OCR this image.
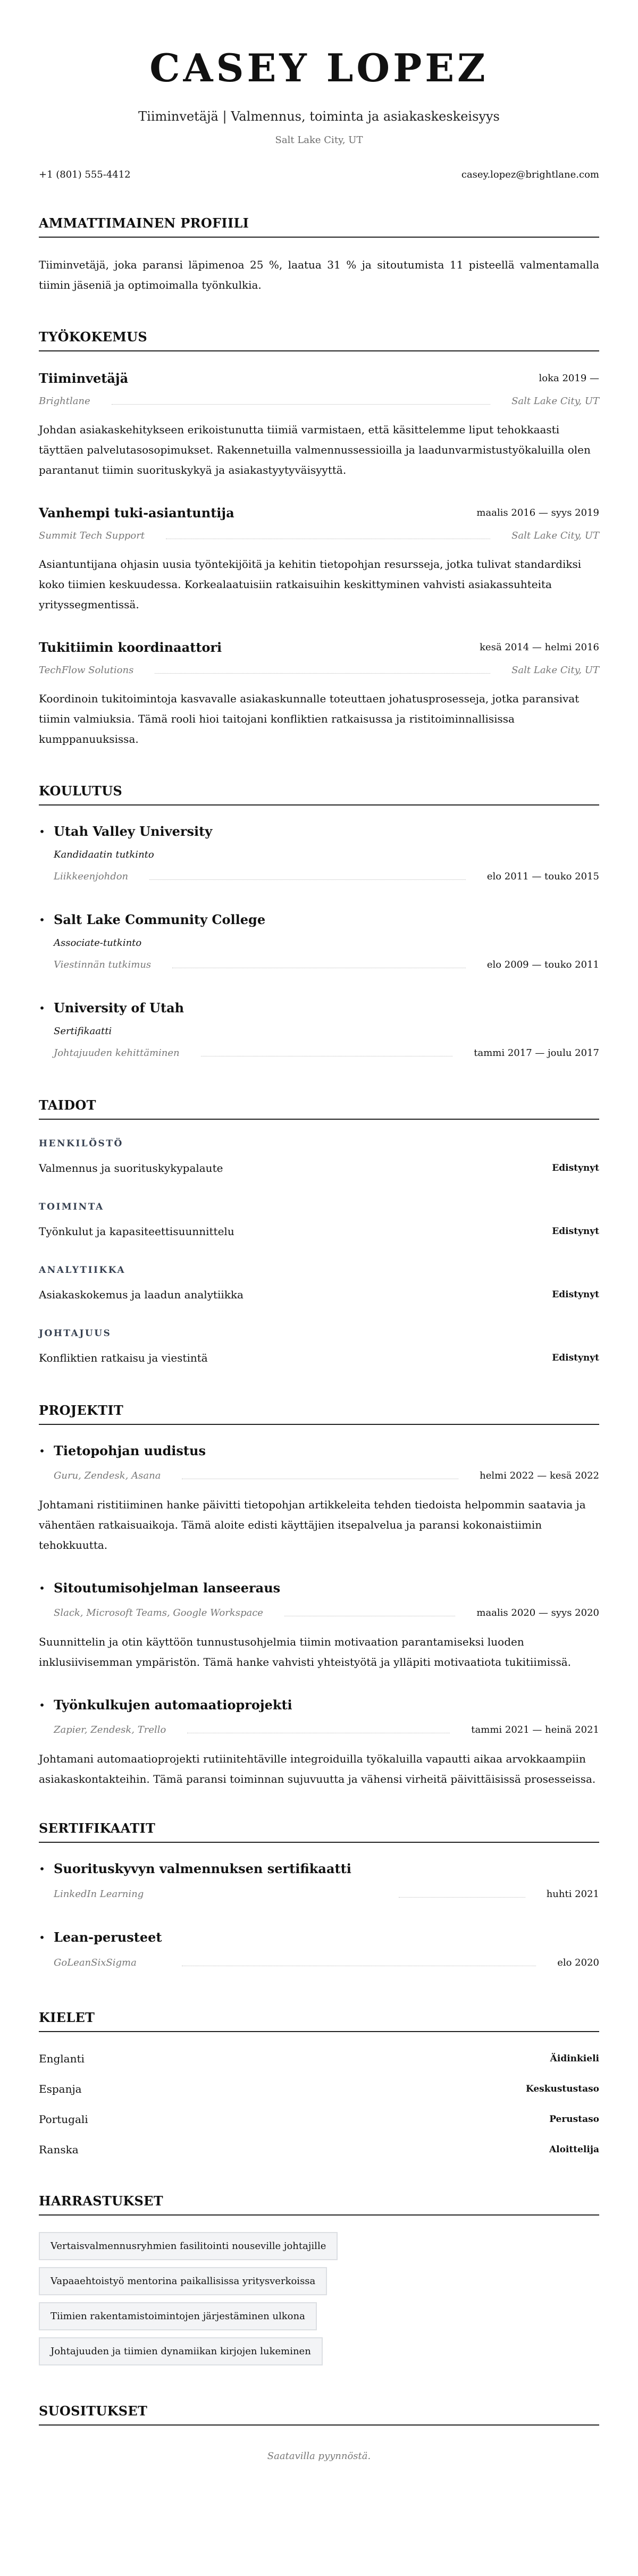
CASEY LOPEZ
Tiiminvetäjä | Valmennus, toiminta ja asiakaskeskeisyys
Salt Lake City, UT
+1 (801) 555-4412	casey.lopez@brightlane.com
AMMATTIMAINEN PROFIILI

Tiiminvetäjä, joka paransi läpimenoa 25 %, laatua 31 % ja sitoutumista 11 pisteellä valmentamalla tiimin jäseniä ja optimoimalla työnkulkia.

TYÖKOKEMUS
Tiiminvetäjä	loka 2019 —
Brightlane	Salt Lake City, UT

Johdan asiakaskehitykseen erikoistunutta tiimiä varmistaen, että käsittelemme liput tehokkaasti täyttäen palvelutasosopimukset. Rakennetuilla valmennussessioilla ja laadunvarmistustyökaluilla olen parantanut tiimin suorituskykyä ja asiakastyytyväisyyttä.

Vanhempi tuki-asiantuntija	maalis 2016 — syys 2019
Summit Tech Support	Salt Lake City, UT

Asiantuntijana ohjasin uusia työntekijöitä ja kehitin tietopohjan resursseja, jotka tulivat standardiksi koko tiimien keskuudessa. Korkealaatuisiin ratkaisuihin keskittyminen vahvisti asiakassuhteita yrityssegmentissä.

Tukitiimin koordinaattori	kesä 2014 — helmi 2016
TechFlow Solutions	Salt Lake City, UT

Koordinoin tukitoimintoja kasvavalle asiakaskunnalle toteuttaen johatusprosesseja, jotka paransivat tiimin valmiuksia. Tämä rooli hioi taitojani konfliktien ratkaisussa ja ristitoiminnallisissa kumppanuuksissa.

KOULUTUS
• Utah Valley University
Kandidaatin tutkinto
Liikkeenjohdon	elo 2011 — touko 2015
• Salt Lake Community College
Associate-tutkinto
Viestinnän tutkimus	elo 2009 — touko 2011
• University of Utah
Sertifikaatti
Johtajuuden kehittäminen	tammi 2017 — joulu 2017
TAIDOT
HENKILÖSTÖ
Valmennus ja suorituskykypalaute	Edistynyt
TOIMINTA
Työnkulut ja kapasiteettisuunnittelu	Edistynyt
ANALYTIIKKA
Asiakaskokemus ja laadun analytiikka	Edistynyt
JOHTAJUUS
Konfliktien ratkaisu ja viestintä	Edistynyt
PROJEKTIT
• Tietopohjan uudistus
Guru, Zendesk, Asana	helmi 2022 — kesä 2022

Johtamani ristitiiminen hanke päivitti tietopohjan artikkeleita tehden tiedoista helpommin saatavia ja vähentäen ratkaisuaikoja. Tämä aloite edisti käyttäjien itsepalvelua ja paransi kokonaistiimin tehokkuutta.

• Sitoutumisohjelman lanseeraus
Slack, Microsoft Teams, Google Workspace	maalis 2020 — syys 2020

Suunnittelin ja otin käyttöön tunnustusohjelmia tiimin motivaation parantamiseksi luoden inklusiivisemman ympäristön. Tämä hanke vahvisti yhteistyötä ja ylläpiti motivaatiota tukitiimissä.

• Työnkulkujen automaatioprojekti
Zapier, Zendesk, Trello	tammi 2021 — heinä 2021

Johtamani automaatioprojekti rutiinitehtäville integroiduilla työkaluilla vapautti aikaa arvokkaampiin asiakaskontakteihin. Tämä paransi toiminnan sujuvuutta ja vähensi virheitä päivittäisissä prosesseissa.

SERTIFIKAATIT
• Suorituskyvyn valmennuksen sertifikaatti
LinkedIn Learning	huhti 2021
• Lean-perusteet
GoLeanSixSigma	elo 2020
KIELET
Englanti	Äidinkieli
Espanja	Keskustustaso
Portugali	Perustaso
Ranska	Aloittelija
HARRASTUKSET
Vertaisvalmennusryhmien fasilitointi nouseville johtajille
Vapaaehtoistyö mentorina paikallisissa yritysverkoissa
Tiimien rakentamistoimintojen järjestäminen ulkona
Johtajuuden ja tiimien dynamiikan kirjojen lukeminen
SUOSITUKSET

Saatavilla pyynnöstä.
